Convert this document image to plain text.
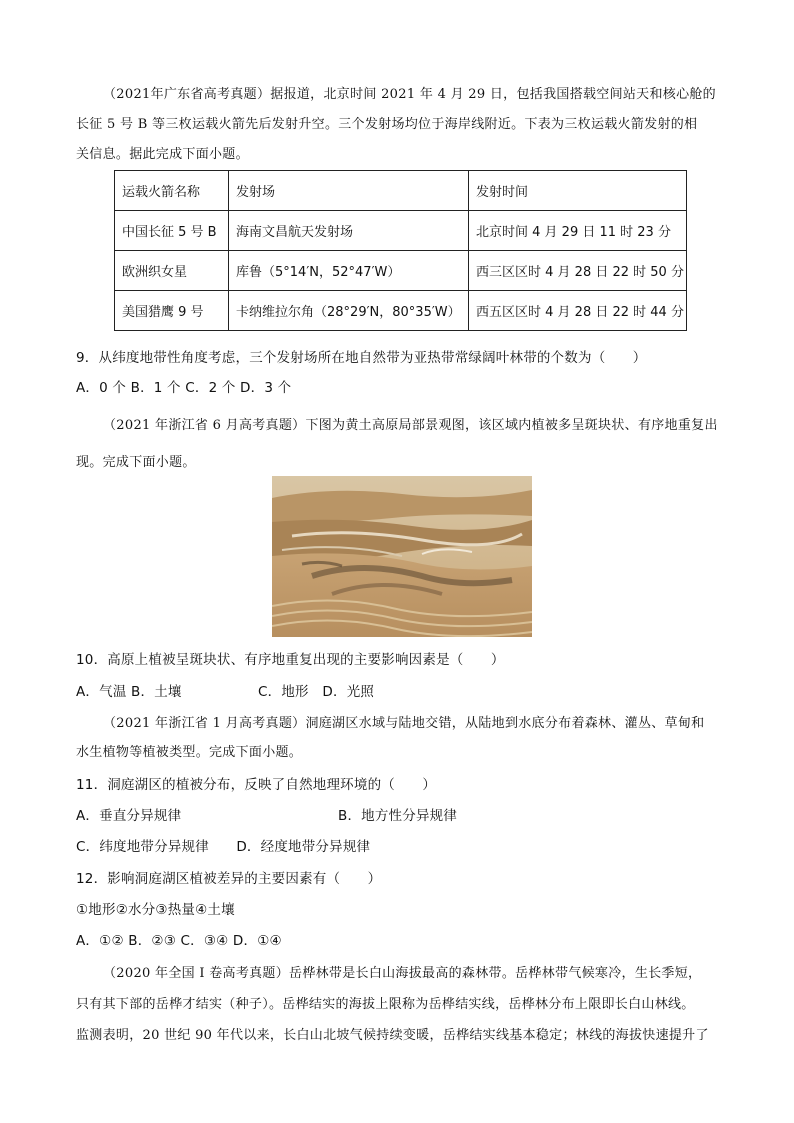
（2021年广东省高考真题）据报道，北京时间 2021 年 4 月 29 日，包括我国搭载空间站天和核心舱的
长征 5 号 B 等三枚运载火箭先后发射升空。三个发射场均位于海岸线附近。下表为三枚运载火箭发射的相
关信息。据此完成下面小题。
运载火箭名称	发射场	发射时间
中国长征 5 号 B	海南文昌航天发射场	北京时间 4 月 29 日 11 时 23 分
欧洲织女星	库鲁（5°14′N，52°47′W）	西三区区时 4 月 28 日 22 时 50 分
美国猎鹰 9 号	卡纳维拉尔角（28°29′N，80°35′W）	西五区区时 4 月 28 日 22 时 44 分
9．从纬度地带性角度考虑，三个发射场所在地自然带为亚热带常绿阔叶林带的个数为（　　）
A．0 个 B．1 个 C．2 个 D．3 个
（2021 年浙江省 6 月高考真题）下图为黄土高原局部景观图，该区域内植被多呈斑块状、有序地重复出
现。完成下面小题。
10．高原上植被呈斑块状、有序地重复出现的主要影响因素是（　　）
A．气温 B．土壤	C．地形　D．光照
（2021 年浙江省 1 月高考真题）洞庭湖区水域与陆地交错，从陆地到水底分布着森林、灌丛、草甸和
水生植物等植被类型。完成下面小题。
11．洞庭湖区的植被分布，反映了自然地理环境的（　　）
A．垂直分异规律	B．地方性分异规律
C．纬度地带分异规律　　D．经度地带分异规律
12．影响洞庭湖区植被差异的主要因素有（　　）
①地形②水分③热量④土壤
A．①② B．②③ C．③④ D．①④
（2020 年全国 I 卷高考真题）岳桦林带是长白山海拔最高的森林带。岳桦林带气候寒冷，生长季短，
只有其下部的岳桦才结实（种子）。岳桦结实的海拔上限称为岳桦结实线，岳桦林分布上限即长白山林线。
监测表明，20 世纪 90 年代以来，长白山北坡气候持续变暖，岳桦结实线基本稳定；林线的海拔快速提升了
